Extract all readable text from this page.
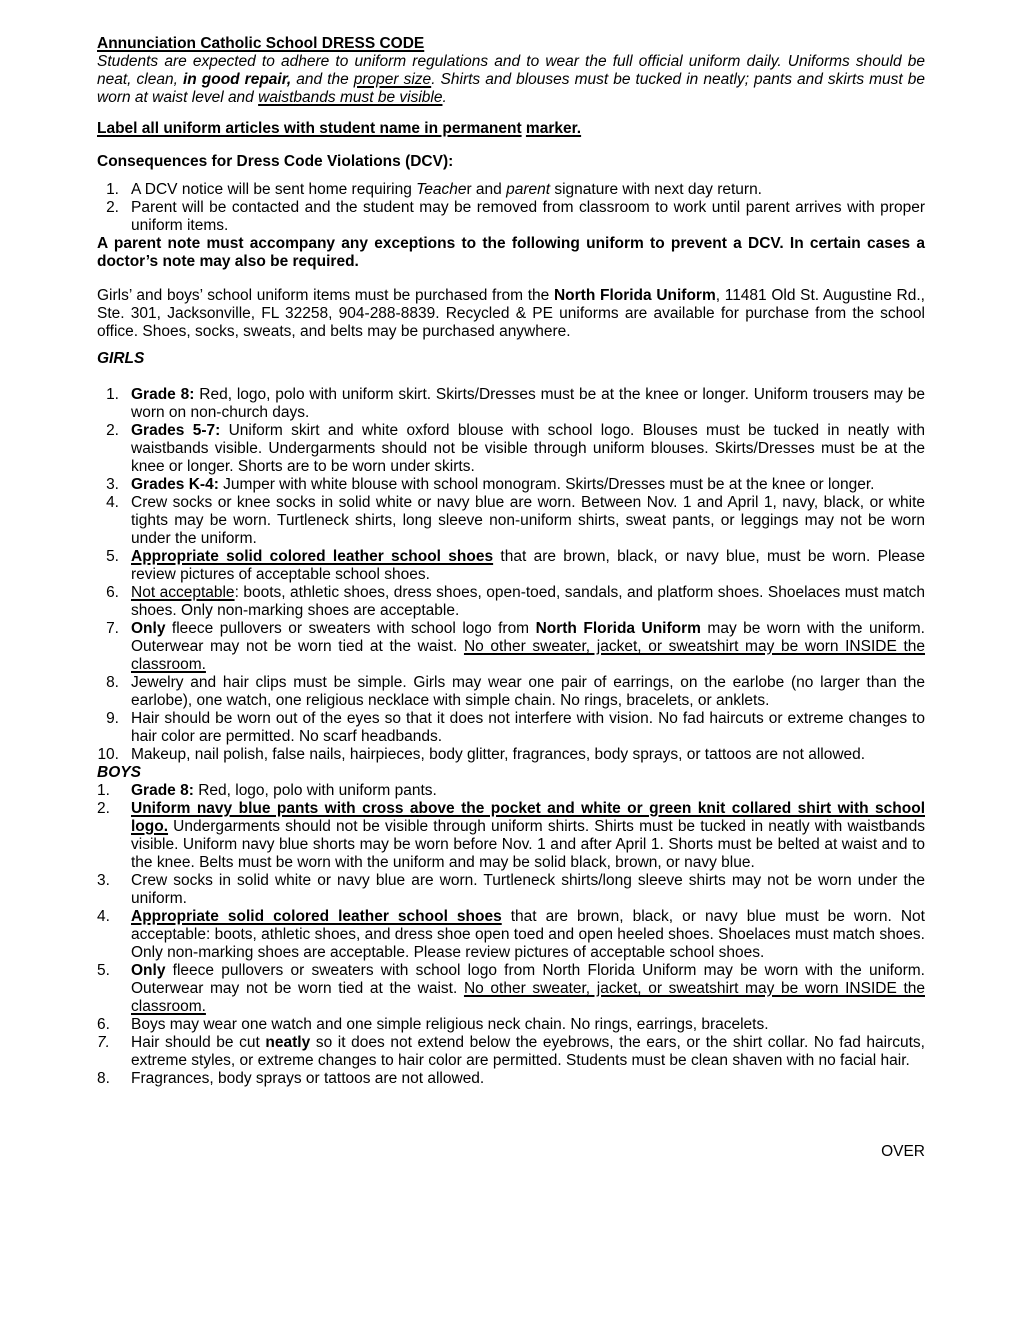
Annunciation Catholic School DRESS CODE

Students are expected to adhere to uniform regulations and to wear the full official uniform daily. Uniforms should be neat, clean, in good repair, and the proper size. Shirts and blouses must be tucked in neatly; pants and skirts must be worn at waist level and waistbands must be visible.

Label all uniform articles with student name in permanent marker.

Consequences for Dress Code Violations (DCV):

1. A DCV notice will be sent home requiring Teacher and parent signature with next day return.
2. Parent will be contacted and the student may be removed from classroom to work until parent arrives with proper uniform items.

A parent note must accompany any exceptions to the following uniform to prevent a DCV. In certain cases a doctor’s note may also be required.

Girls’ and boys’ school uniform items must be purchased from the North Florida Uniform, 11481 Old St. Augustine Rd., Ste. 301, Jacksonville, FL 32258, 904-288-8839. Recycled & PE uniforms are available for purchase from the school office. Shoes, socks, sweats, and belts may be purchased anywhere.

GIRLS

1. Grade 8: Red, logo, polo with uniform skirt. Skirts/Dresses must be at the knee or longer. Uniform trousers may be worn on non-church days.
2. Grades 5-7: Uniform skirt and white oxford blouse with school logo. Blouses must be tucked in neatly with waistbands visible. Undergarments should not be visible through uniform blouses. Skirts/Dresses must be at the knee or longer. Shorts are to be worn under skirts.
3. Grades K-4: Jumper with white blouse with school monogram. Skirts/Dresses must be at the knee or longer.
4. Crew socks or knee socks in solid white or navy blue are worn. Between Nov. 1 and April 1, navy, black, or white tights may be worn. Turtleneck shirts, long sleeve non-uniform shirts, sweat pants, or leggings may not be worn under the uniform.
5. Appropriate solid colored leather school shoes that are brown, black, or navy blue, must be worn. Please review pictures of acceptable school shoes.
6. Not acceptable: boots, athletic shoes, dress shoes, open-toed, sandals, and platform shoes. Shoelaces must match shoes. Only non-marking shoes are acceptable.
7. Only fleece pullovers or sweaters with school logo from North Florida Uniform may be worn with the uniform. Outerwear may not be worn tied at the waist. No other sweater, jacket, or sweatshirt may be worn INSIDE the classroom.
8. Jewelry and hair clips must be simple. Girls may wear one pair of earrings, on the earlobe (no larger than the earlobe), one watch, one religious necklace with simple chain. No rings, bracelets, or anklets.
9. Hair should be worn out of the eyes so that it does not interfere with vision. No fad haircuts or extreme changes to hair color are permitted. No scarf headbands.
10. Makeup, nail polish, false nails, hairpieces, body glitter, fragrances, body sprays, or tattoos are not allowed.

BOYS

1.	Grade 8: Red, logo, polo with uniform pants.
2.	Uniform navy blue pants with cross above the pocket and white or green knit collared shirt with school logo. Undergarments should not be visible through uniform shirts. Shirts must be tucked in neatly with waistbands visible. Uniform navy blue shorts may be worn before Nov. 1 and after April 1. Shorts must be belted at waist and to the knee. Belts must be worn with the uniform and may be solid black, brown, or navy blue.
3.	Crew socks in solid white or navy blue are worn. Turtleneck shirts/long sleeve shirts may not be worn under the uniform.
4.	Appropriate solid colored leather school shoes that are brown, black, or navy blue must be worn. Not acceptable: boots, athletic shoes, and dress shoe open toed and open heeled shoes. Shoelaces must match shoes. Only non-marking shoes are acceptable. Please review pictures of acceptable school shoes.
5.	Only fleece pullovers or sweaters with school logo from North Florida Uniform may be worn with the uniform. Outerwear may not be worn tied at the waist. No other sweater, jacket, or sweatshirt may be worn INSIDE the classroom.
6.	Boys may wear one watch and one simple religious neck chain. No rings, earrings, bracelets.
7.	Hair should be cut neatly so it does not extend below the eyebrows, the ears, or the shirt collar. No fad haircuts, extreme styles, or extreme changes to hair color are permitted. Students must be clean shaven with no facial hair.
8.	Fragrances, body sprays or tattoos are not allowed.
OVER
